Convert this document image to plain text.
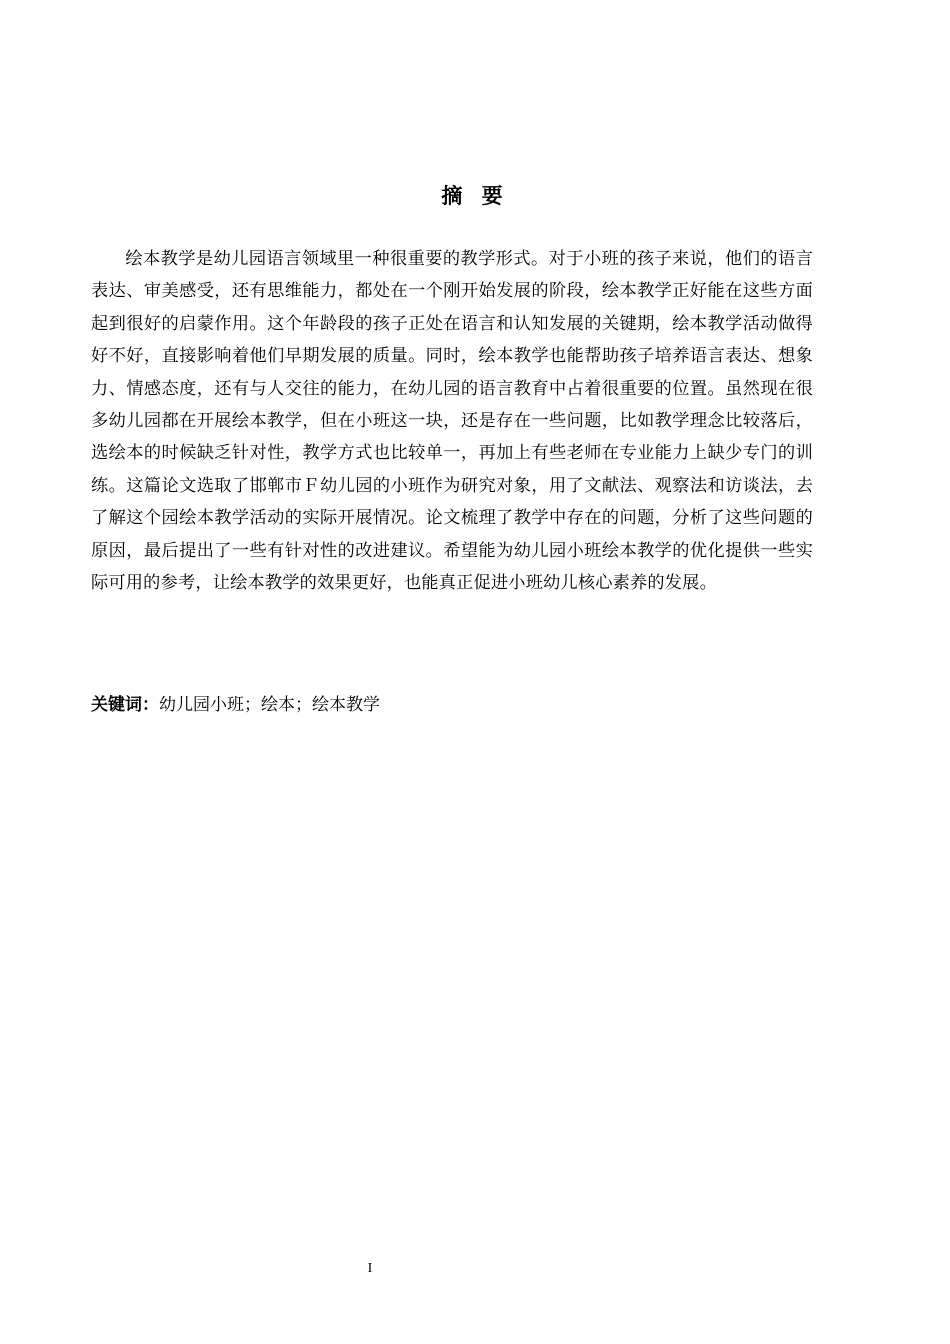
摘 要

绘本教学是幼儿园语言领域里一种很重要的教学形式。对于小班的孩子来说，他们的语言表达、审美感受，还有思维能力，都处在一个刚开始发展的阶段，绘本教学正好能在这些方面起到很好的启蒙作用。这个年龄段的孩子正处在语言和认知发展的关键期，绘本教学活动做得好不好，直接影响着他们早期发展的质量。同时，绘本教学也能帮助孩子培养语言表达、想象力、情感态度，还有与人交往的能力，在幼儿园的语言教育中占着很重要的位置。虽然现在很多幼儿园都在开展绘本教学，但在小班这一块，还是存在一些问题，比如教学理念比较落后，选绘本的时候缺乏针对性，教学方式也比较单一，再加上有些老师在专业能力上缺少专门的训练。这篇论文选取了邯郸市Ｆ幼儿园的小班作为研究对象，用了文献法、观察法和访谈法，去了解这个园绘本教学活动的实际开展情况。论文梳理了教学中存在的问题，分析了这些问题的原因，最后提出了一些有针对性的改进建议。希望能为幼儿园小班绘本教学的优化提供一些实际可用的参考，让绘本教学的效果更好，也能真正促进小班幼儿核心素养的发展。

关键词：幼儿园小班；绘本；绘本教学
I
